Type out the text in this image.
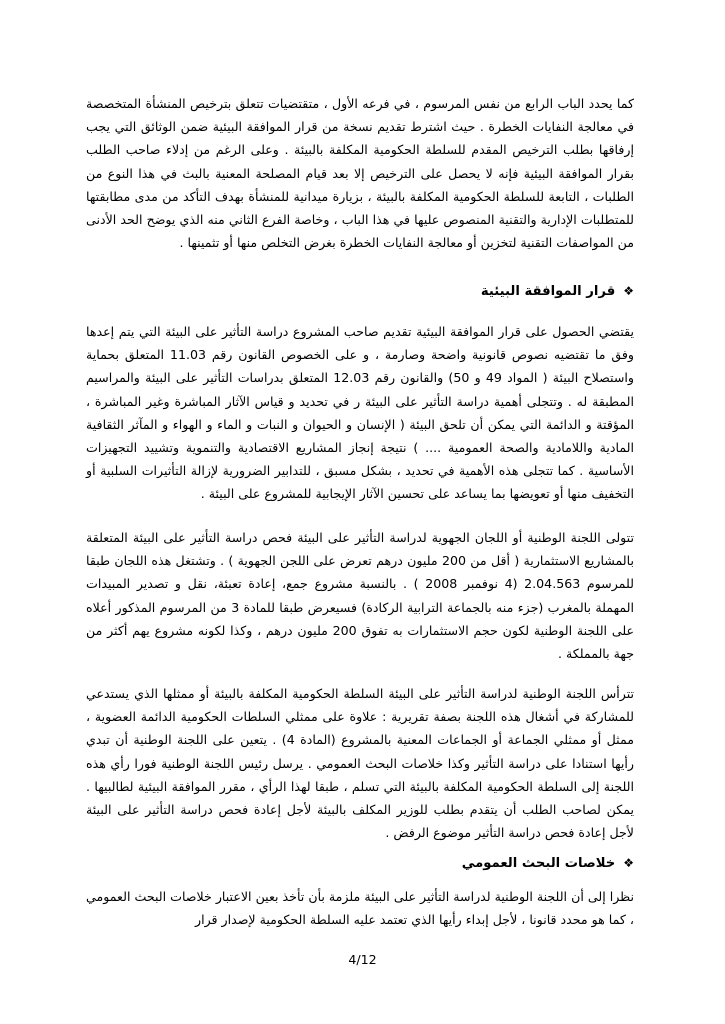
كما يحدد الباب الرابع من نفس المرسوم ، في فرعه الأول ، متقتضيات تتعلق بترخيص المنشأة المتخصصة في معالجة النفايات الخطرة . حيث اشترط تقديم نسخة من قرار الموافقة البيئية ضمن الوثائق التي يجب إرفاقها بطلب الترخيص المقدم للسلطة الحكومية المكلفة بالبيئة . وعلى الرغم من إدلاء صاحب الطلب بقرار الموافقة البيئية فإنه لا يحصل على الترخيص إلا بعد قيام المصلحة المعنية بالبث في هذا النوع من الطلبات ، التابعة للسلطة الحكومية المكلفة بالبيئة ، بزيارة ميدانية للمنشأة بهدف التأكد من مدى مطابقتها للمتطلبات الإدارية والتقنية المنصوص عليها في هذا الباب ، وخاصة الفرع الثاني منه الذي يوضح الحد الأدنى من المواصفات التقنية لتخزين أو معالجة النفايات الخطرة بغرض التخلص منها أو تثمينها .

❖قرار الموافقة البيئية

يقتضي الحصول على قرار الموافقة البيئية تقديم صاحب المشروع دراسة التأثير على البيئة التي يتم إعدها وفق ما تقتضيه نصوص قانونية واضحة وصارمة ، و على الخصوص القانون رقم 11.03 المتعلق بحماية واستصلاح البيئة ( المواد 49 و 50) والقانون رقم 12.03 المتعلق بدراسات التأثير على البيئة والمراسيم المطبقة له . وتتجلى أهمية دراسة التأثير على البيئة ر في تحديد و قياس الآثار المباشرة وغير المباشرة ، المؤقتة و الدائمة التي يمكن أن تلحق البيئة ( الإنسان و الحيوان و النبات و الماء و الهواء و المآثر الثقافية المادية واللامادية والصحة العمومية .... ) نتيجة إنجاز المشاريع الاقتصادية والتنموية وتشييد التجهيزات الأساسية . كما تتجلى هذه الأهمية في تحديد ، بشكل مسبق ، للتدابير الضرورية لإزالة التأثيرات السلبية أو التخفيف منها أو تعويضها بما يساعد على تحسين الآثار الإيجابية للمشروع على البيئة .

تتولى اللجنة الوطنية أو اللجان الجهوية لدراسة التأثير على البيئة فحص دراسة التأثير على البيئة المتعلقة بالمشاريع الاستثمارية ( أقل من 200 مليون درهم تعرض على اللجن الجهوية ) . وتشتغل هذه اللجان طبقا للمرسوم 2.04.563 (4 نوفمبر 2008 ) . بالنسبة مشروع جمع، إعادة تعبئة، نقل و تصدير المبيدات المهملة بالمغرب (جزء منه بالجماعة الترابية الركادة) فسيعرض طبقا للمادة 3 من المرسوم المذكور أعلاه على اللجنة الوطنية لكون حجم الاستثمارات به تفوق 200 مليون درهم ، وكذا لكونه مشروع يهم أكثر من جهة بالمملكة .

تترأس اللجنة الوطنية لدراسة التأثير على البيئة السلطة الحكومية المكلفة بالبيئة أو ممثلها الذي يستدعي للمشاركة في أشغال هذه اللجنة بصفة تقريرية : علاوة على ممثلي السلطات الحكومية الدائمة العضوية ، ممثل أو ممثلي الجماعة أو الجماعات المعنية بالمشروع (المادة 4) . يتعين على اللجنة الوطنية أن تبدي رأيها استنادا على دراسة التأثير وكذا خلاصات البحث العمومي . يرسل رئيس اللجنة الوطنية فورا رأي هذه اللجنة إلى السلطة الحكومية المكلفة بالبيئة التي تسلم ، طبقا لهذا الرأي ، مقرر الموافقة البيئية لطالبيها . يمكن لصاحب الطلب أن يتقدم بطلب للوزير المكلف بالبيئة لأجل إعادة فحص دراسة التأثير على البيئة لأجل إعادة فحص دراسة التأثير موضوع الرفض .

❖خلاصات البحث العمومي

نظرا إلى أن اللجنة الوطنية لدراسة التأثير على البيئة ملزمة بأن تأخذ بعين الاعتبار خلاصات البحث العمومي ، كما هو محدد قانونا ، لأجل إبداء رأيها الذي تعتمد عليه السلطة الحكومية لإصدار قرار

4/12
